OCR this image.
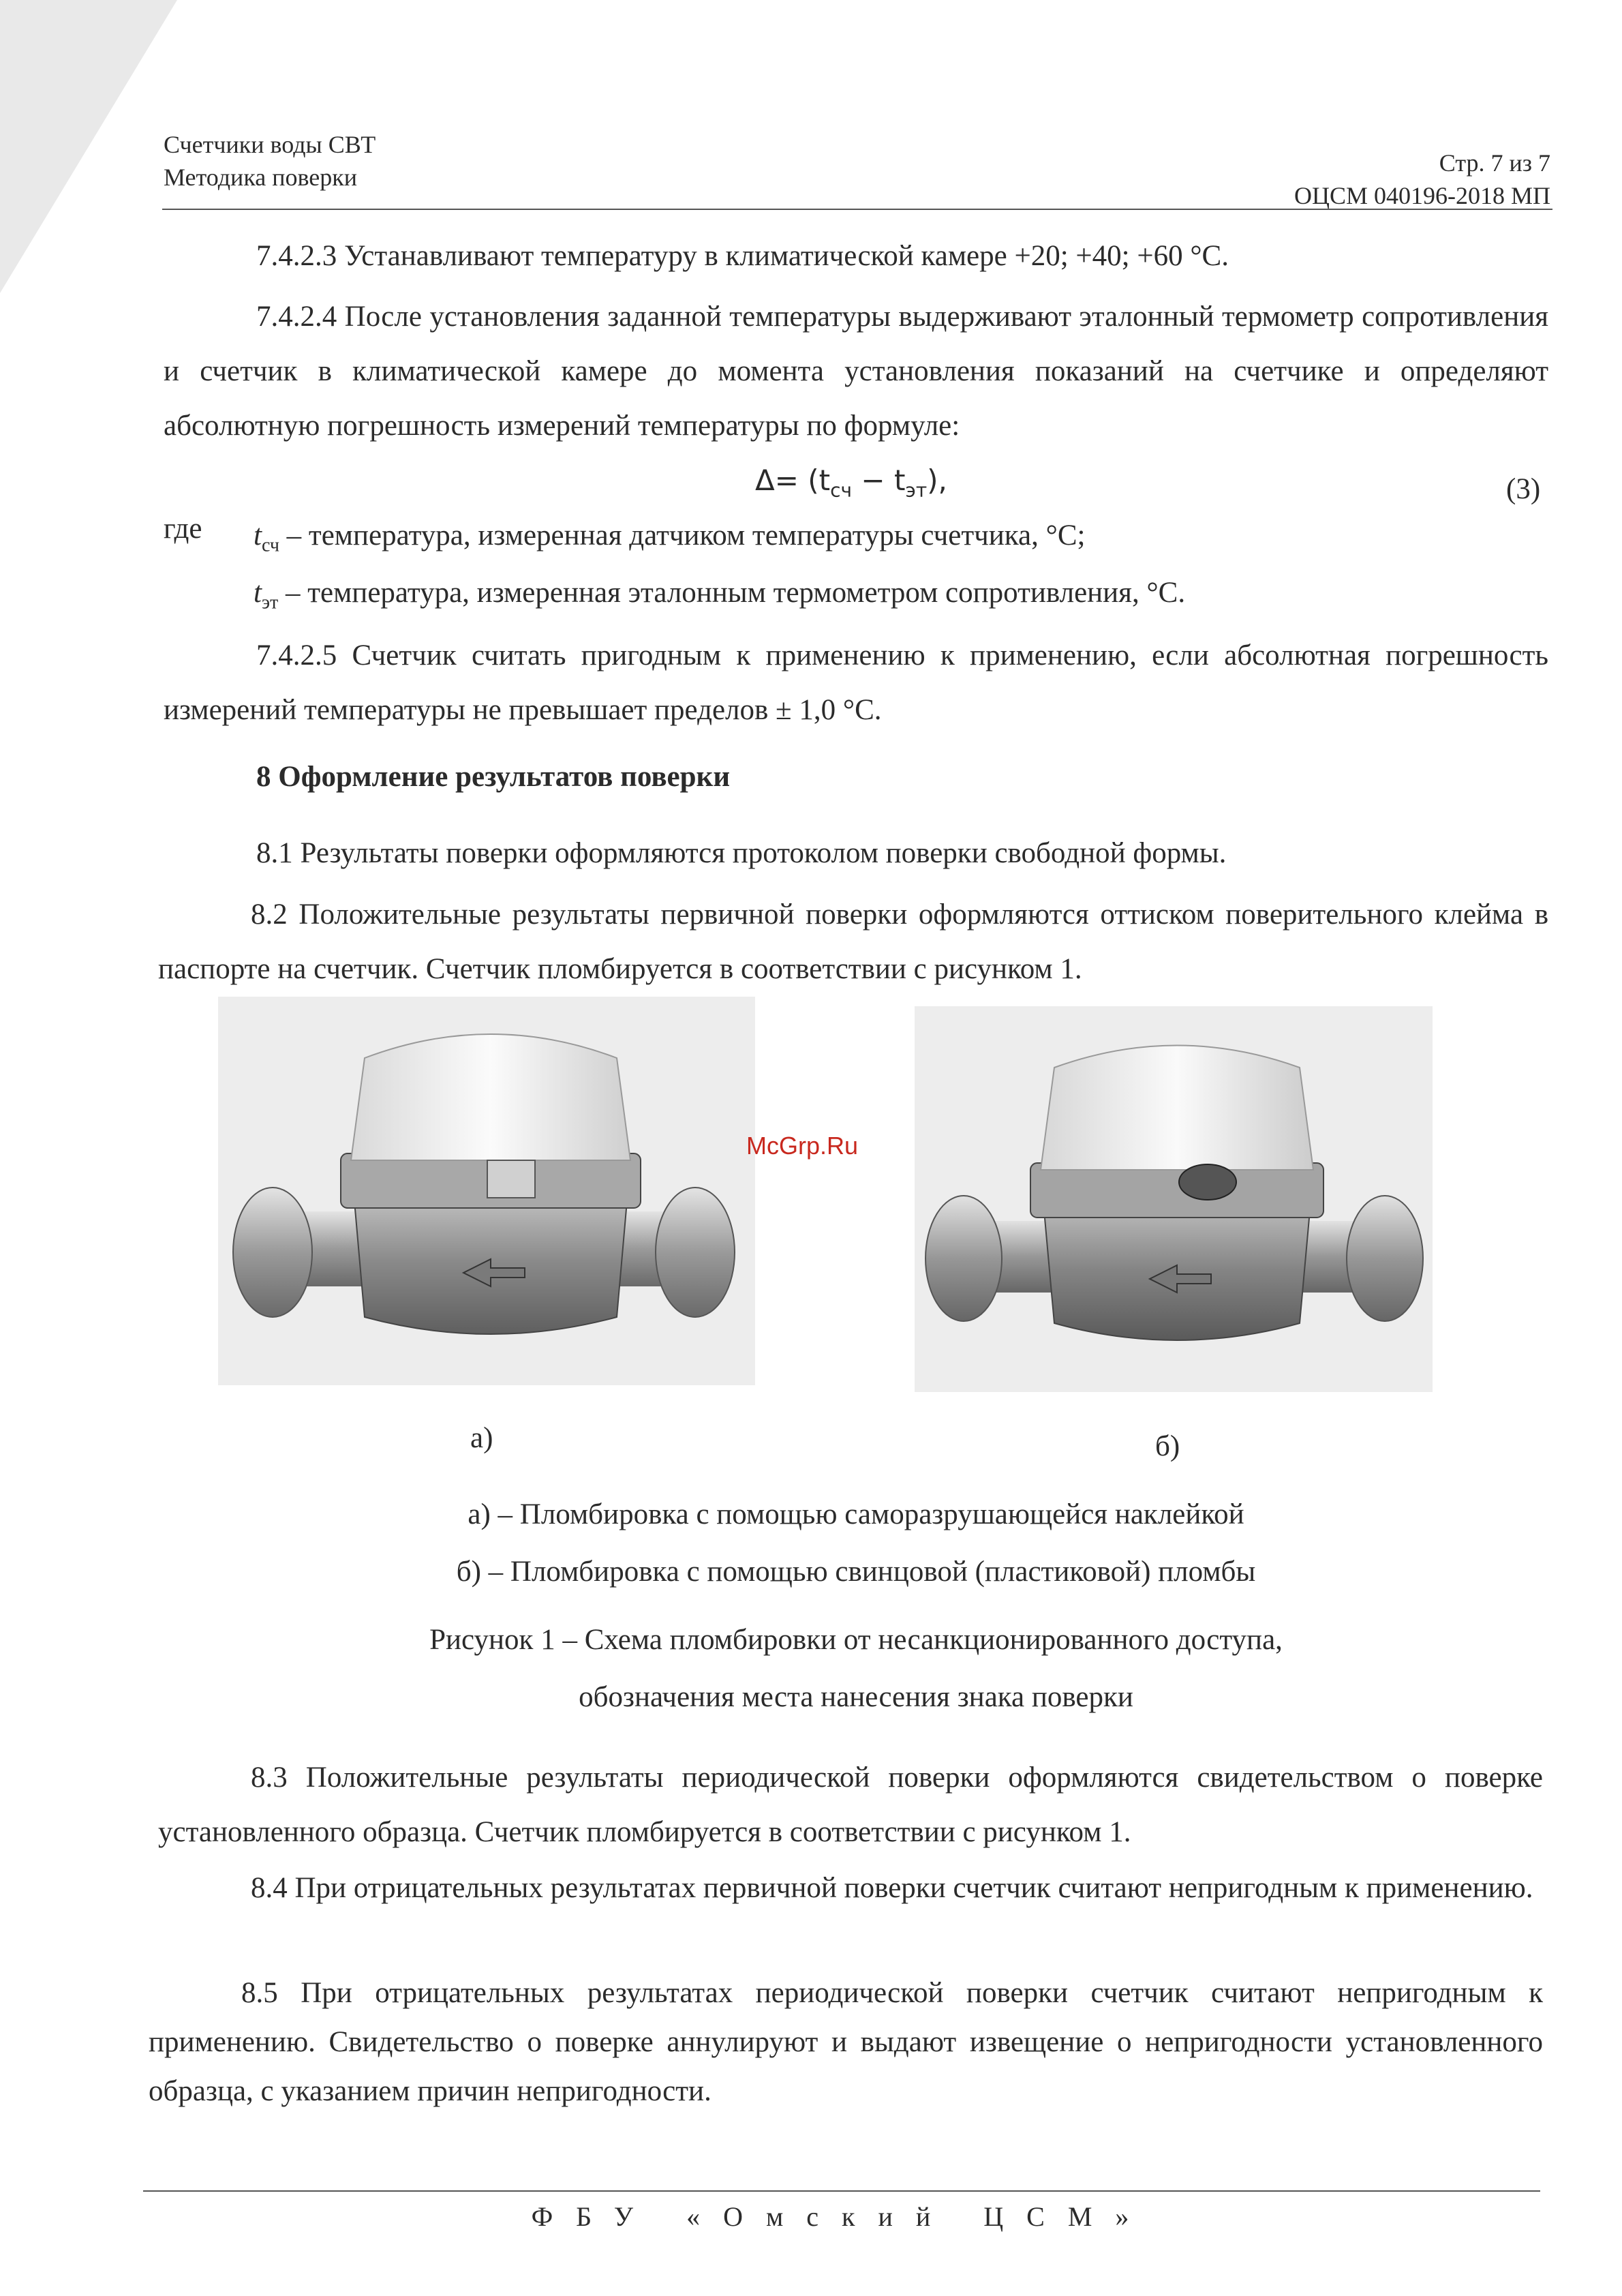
Счетчики воды СВТ
Методика поверки
Стр. 7 из 7
ОЦСМ 040196-2018 МП
7.4.2.3 Устанавливают температуру в климатической камере +20; +40; +60 °С.
7.4.2.4 После установления заданной температуры выдерживают эталонный термометр сопротивления и счетчик в климатической камере до момента установления показаний на счетчике и определяют абсолютную погрешность измерений температуры по формуле:
$\Delta= (t_{сч} - t_{эт})$,	(3)
где $t_{сч}$ – температура, измеренная датчиком температуры счетчика, °С;
$t_{эт}$ – температура, измеренная эталонным термометром сопротивления, °С.
7.4.2.5 Счетчик считать пригодным к применению к применению, если абсолютная погрешность измерений температуры не превышает пределов ± 1,0 °С.
8 Оформление результатов поверки
8.1 Результаты поверки оформляются протоколом поверки свободной формы.
8.2 Положительные результаты первичной поверки оформляются оттиском поверительного клейма в паспорте на счетчик. Счетчик пломбируется в соответствии с рисунком 1.
McGrp.Ru
а)	б)
а) – Пломбировка с помощью саморазрушающейся наклейкой
б) – Пломбировка с помощью свинцовой (пластиковой) пломбы
Рисунок 1 – Схема пломбировки от несанкционированного доступа,
обозначения места нанесения знака поверки
8.3 Положительные результаты периодической поверки оформляются свидетельством о поверке установленного образца. Счетчик пломбируется в соответствии с рисунком 1.
8.4 При отрицательных результатах первичной поверки счетчик считают непригодным к применению.
8.5 При отрицательных результатах периодической поверки счетчик считают непригодным к применению. Свидетельство о поверке аннулируют и выдают извещение о непригодности установленного образца, с указанием причин непригодности.
ФБУ «Омский ЦСМ»
